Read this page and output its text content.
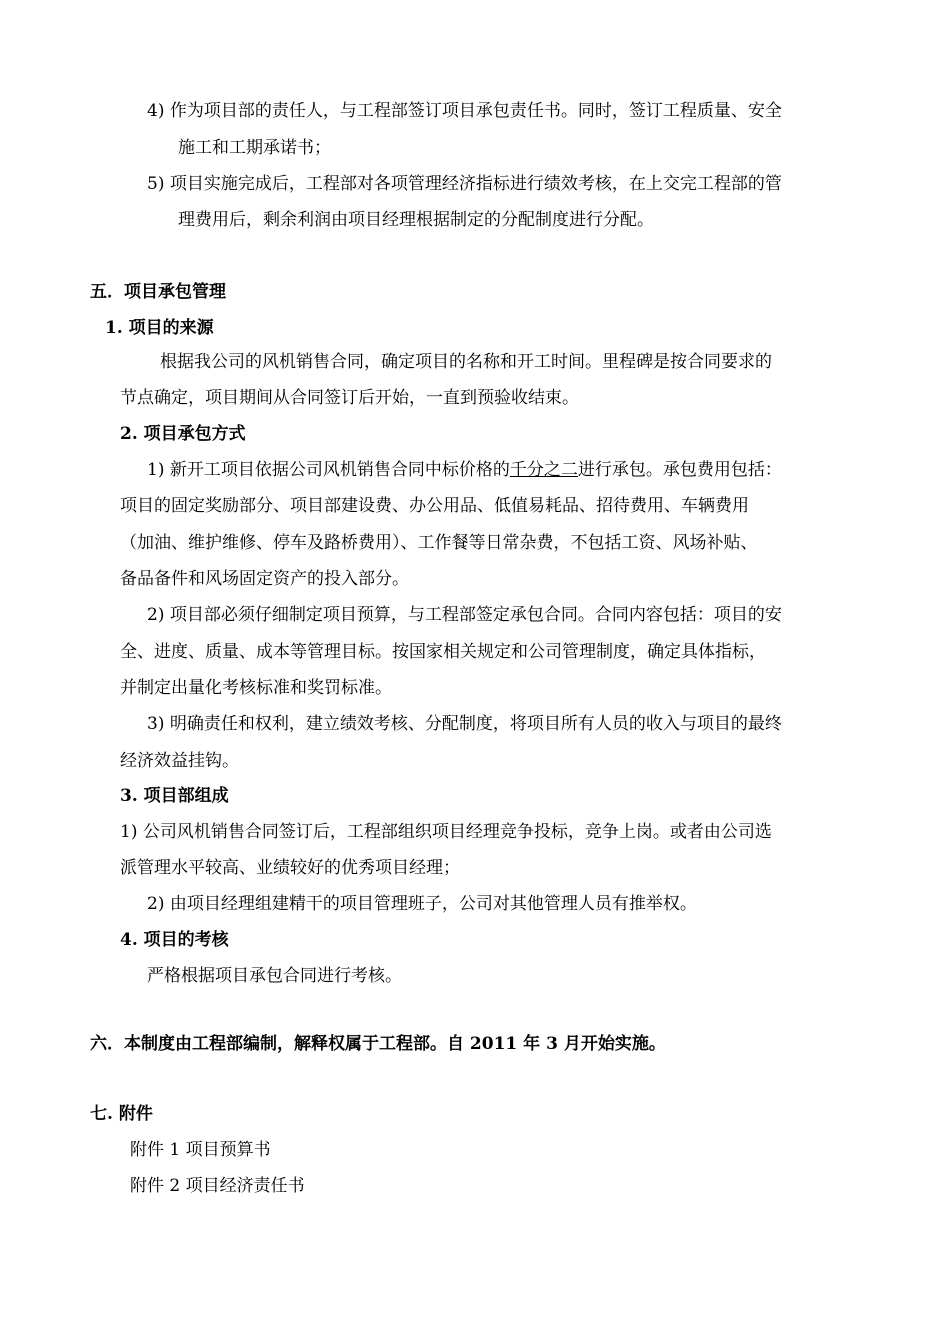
4) 作为项目部的责任人，与工程部签订项目承包责任书。同时，签订工程质量、安全
施工和工期承诺书；
5) 项目实施完成后，工程部对各项管理经济指标进行绩效考核，在上交完工程部的管
理费用后，剩余利润由项目经理根据制定的分配制度进行分配。
五．项目承包管理
1. 项目的来源
根据我公司的风机销售合同，确定项目的名称和开工时间。里程碑是按合同要求的
节点确定，项目期间从合同签订后开始，一直到预验收结束。
2. 项目承包方式
1) 新开工项目依据公司风机销售合同中标价格的千分之二进行承包。承包费用包括：
项目的固定奖励部分、项目部建设费、办公用品、低值易耗品、招待费用、车辆费用
（加油、维护维修、停车及路桥费用）、工作餐等日常杂费，不包括工资、风场补贴、
备品备件和风场固定资产的投入部分。
2) 项目部必须仔细制定项目预算，与工程部签定承包合同。合同内容包括：项目的安
全、进度、质量、成本等管理目标。按国家相关规定和公司管理制度，确定具体指标，
并制定出量化考核标准和奖罚标准。
3) 明确责任和权利，建立绩效考核、分配制度，将项目所有人员的收入与项目的最终
经济效益挂钩。
3. 项目部组成
1) 公司风机销售合同签订后，工程部组织项目经理竞争投标，竞争上岗。或者由公司选
派管理水平较高、业绩较好的优秀项目经理；
2) 由项目经理组建精干的项目管理班子，公司对其他管理人员有推举权。
4. 项目的考核
严格根据项目承包合同进行考核。
六．本制度由工程部编制，解释权属于工程部。自 2011 年 3 月开始实施。
七. 附件
附件 1 项目预算书
附件 2 项目经济责任书
